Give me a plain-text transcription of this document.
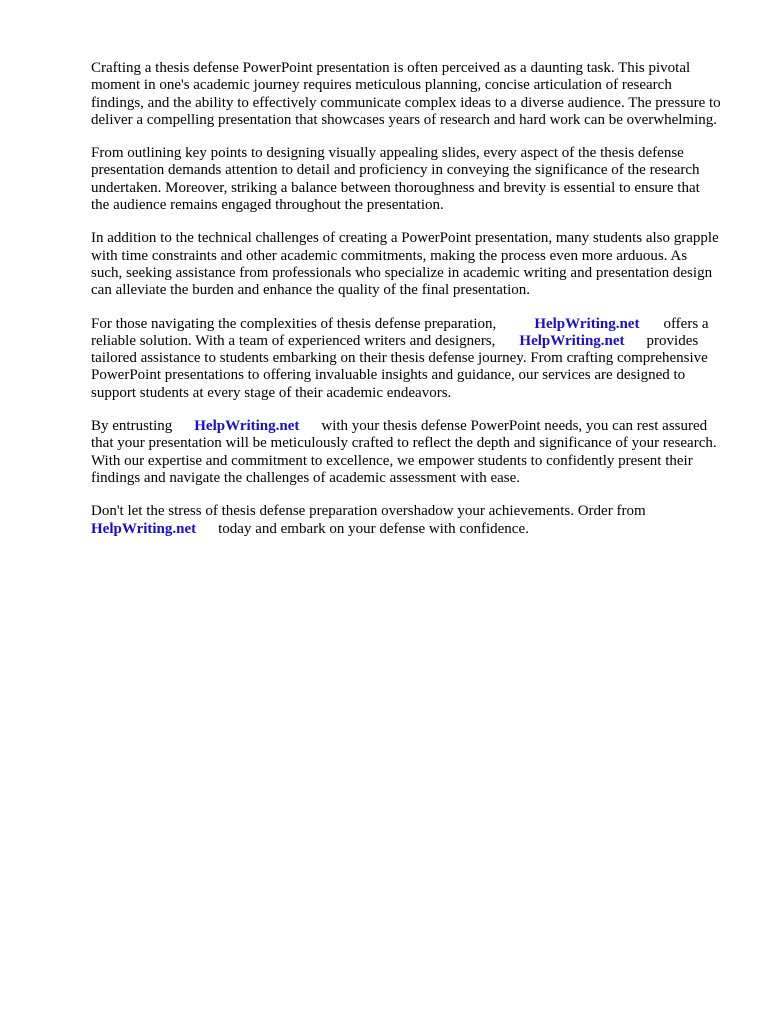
Crafting a thesis defense PowerPoint presentation is often perceived as a daunting task. This pivotal moment in one's academic journey requires meticulous planning, concise articulation of research findings, and the ability to effectively communicate complex ideas to a diverse audience. The pressure to deliver a compelling presentation that showcases years of research and hard work can be overwhelming.

From outlining key points to designing visually appealing slides, every aspect of the thesis defense presentation demands attention to detail and proficiency in conveying the significance of the research undertaken. Moreover, striking a balance between thoroughness and brevity is essential to ensure that the audience remains engaged throughout the presentation.

In addition to the technical challenges of creating a PowerPoint presentation, many students also grapple with time constraints and other academic commitments, making the process even more arduous. As such, seeking assistance from professionals who specialize in academic writing and presentation design can alleviate the burden and enhance the quality of the final presentation.

For those navigating the complexities of thesis defense preparation,	HelpWriting.net offers a reliable solution. With a team of experienced writers and designers, HelpWriting.net provides tailored assistance to students embarking on their thesis defense journey. From crafting comprehensive PowerPoint presentations to offering invaluable insights and guidance, our services are designed to support students at every stage of their academic endeavors.

By entrusting HelpWriting.net with your thesis defense PowerPoint needs, you can rest assured that your presentation will be meticulously crafted to reflect the depth and significance of your research. With our expertise and commitment to excellence, we empower students to confidently present their findings and navigate the challenges of academic assessment with ease.

Don't let the stress of thesis defense preparation overshadow your achievements. Order from HelpWriting.net today and embark on your defense with confidence.
